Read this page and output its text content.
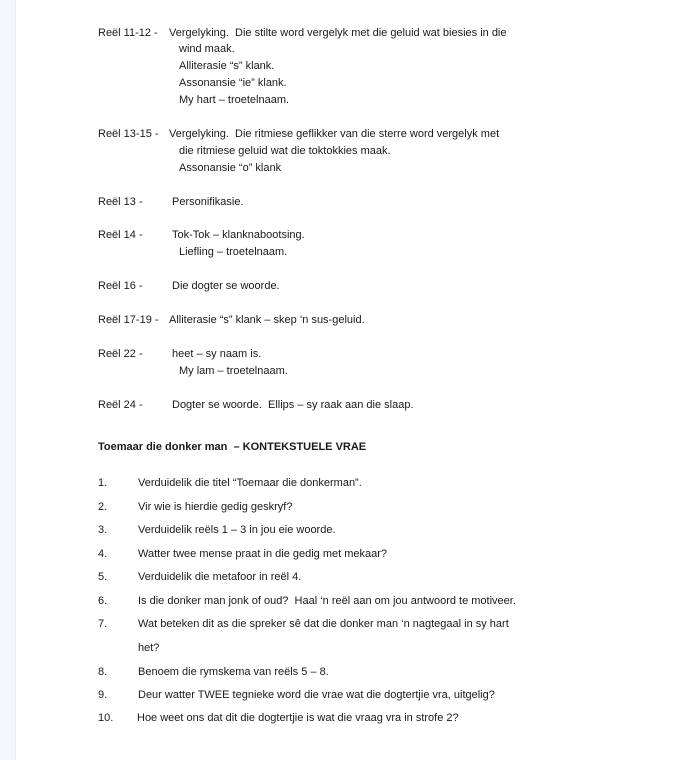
Reël 11-12 - Vergelyking.  Die stilte word vergelyk met die geluid wat biesies in die
wind maak.
Alliterasie “s” klank.
Assonansie “ie” klank.
My hart – troetelnaam.
Reël 13-15 - Vergelyking.  Die ritmiese geflikker van die sterre word vergelyk met
die ritmiese geluid wat die toktokkies maak.
Assonansie “o” klank
Reël 13 -	Personifikasie.
Reël 14 -	Tok-Tok – klanknabootsing.
Liefling – troetelnaam.
Reël 16 -	Die dogter se woorde.
Reël 17-19 - Alliterasie “s” klank – skep ‘n sus-geluid.
Reël 22 -	heet – sy naam is.
My lam – troetelnaam.
Reël 24 -	Dogter se woorde.  Ellips – sy raak aan die slaap.
Toemaar die donker man  – KONTEKSTUELE VRAE
1.	Verduidelik die titel “Toemaar die donkerman”.
2.	Vir wie is hierdie gedig geskryf?
3.	Verduidelik reëls 1 – 3 in jou eie woorde.
4.	Watter twee mense praat in die gedig met mekaar?
5.	Verduidelik die metafoor in reël 4.
6.	Is die donker man jonk of oud?  Haal ‘n reël aan om jou antwoord te motiveer.
7.	Wat beteken dit as die spreker sê dat die donker man ‘n nagtegaal in sy hart
het?
8.	Benoem die rymskema van reëls 5 – 8.
9.	Deur watter TWEE tegnieke word die vrae wat die dogtertjie vra, uitgelig?
10. Hoe weet ons dat dit die dogtertjie is wat die vraag vra in strofe 2?
